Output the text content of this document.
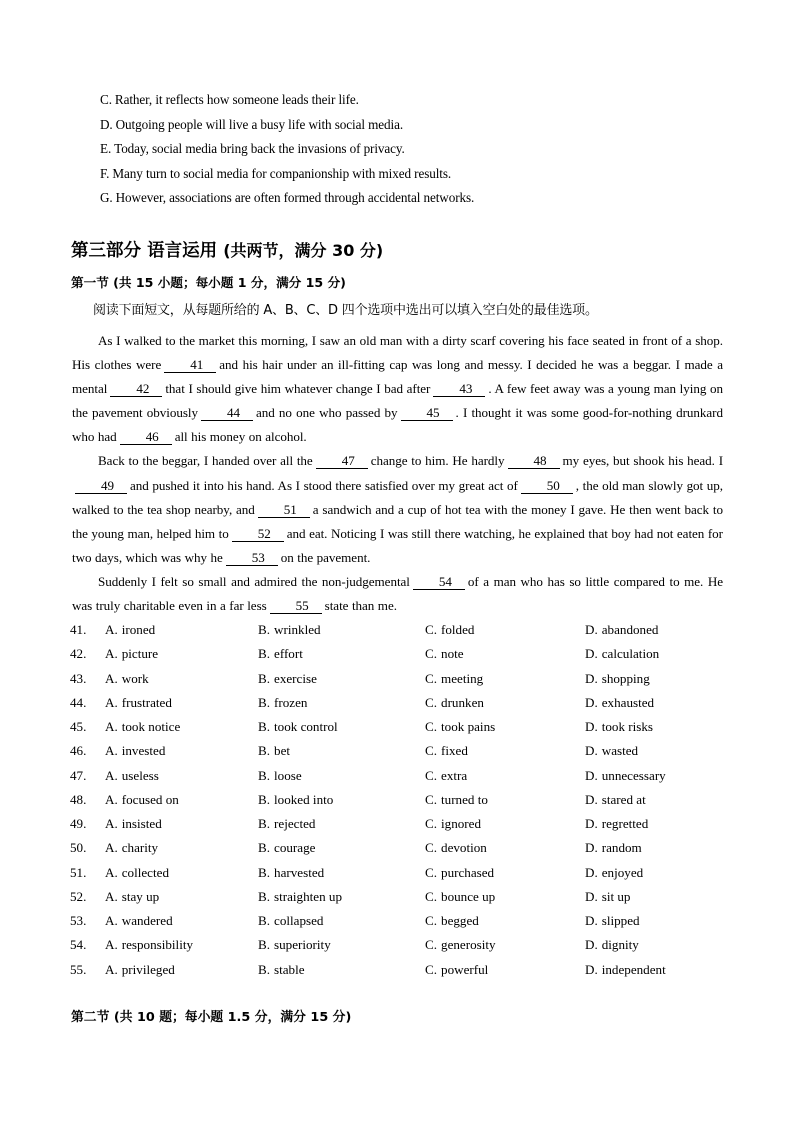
C. Rather, it reflects how someone leads their life.
D. Outgoing people will live a busy life with social media.
E. Today, social media bring back the invasions of privacy.
F. Many turn to social media for companionship with mixed results.
G. However, associations are often formed through accidental networks.
第三部分 语言运用 (共两节，满分 30 分)
第一节 (共 15 小题；每小题 1 分，满分 15 分)
阅读下面短文，从每题所给的 A、B、C、D 四个选项中选出可以填入空白处的最佳选项。

As I walked to the market this morning, I saw an old man with a dirty scarf covering his face seated in front of a shop. His clothes were 41 and his hair under an ill-fitting cap was long and messy. I decided he was a beggar. I made a mental 42 that I should give him whatever change I bad after 43 . A few feet away was a young man lying on the pavement obviously 44 and no one who passed by 45 . I thought it was some good-for-nothing drunkard who had 46 all his money on alcohol.

Back to the beggar, I handed over all the 47 change to him. He hardly 48 my eyes, but shook his head. I49 and pushed it into his hand. As I stood there satisfied over my great act of 50 , the old man slowly got up, walked to the tea shop nearby, and 51 a sandwich and a cup of hot tea with the money I gave. He then went back to the young man, helped him to 52 and eat. Noticing I was still there watching, he explained that boy had not eaten for two days, which was why he 53 on the pavement.

Suddenly I felt so small and admired the non-judgemental 54 of a man who has so little compared to me. He was truly charitable even in a far less 55 state than me.

41.	A. ironed	B. wrinkled	C. folded	D. abandoned
42.	A. picture	B. effort	C. note	D. calculation
43.	A. work	B. exercise	C. meeting	D. shopping
44.	A. frustrated	B. frozen	C. drunken	D. exhausted
45.	A. took notice	B. took control	C. took pains	D. took risks
46.	A. invested	B. bet	C. fixed	D. wasted
47.	A. useless	B. loose	C. extra	D. unnecessary
48.	A. focused on	B. looked into	C. turned to	D. stared at
49.	A. insisted	B. rejected	C. ignored	D. regretted
50.	A. charity	B. courage	C. devotion	D. random
51.	A. collected	B. harvested	C. purchased	D. enjoyed
52.	A. stay up	B. straighten up	C. bounce up	D. sit up
53.	A. wandered	B. collapsed	C. begged	D. slipped
54.	A. responsibility	B. superiority	C. generosity	D. dignity
55.	A. privileged	B. stable	C. powerful	D. independent
第二节 (共 10 题；每小题 1.5 分，满分 15 分)
